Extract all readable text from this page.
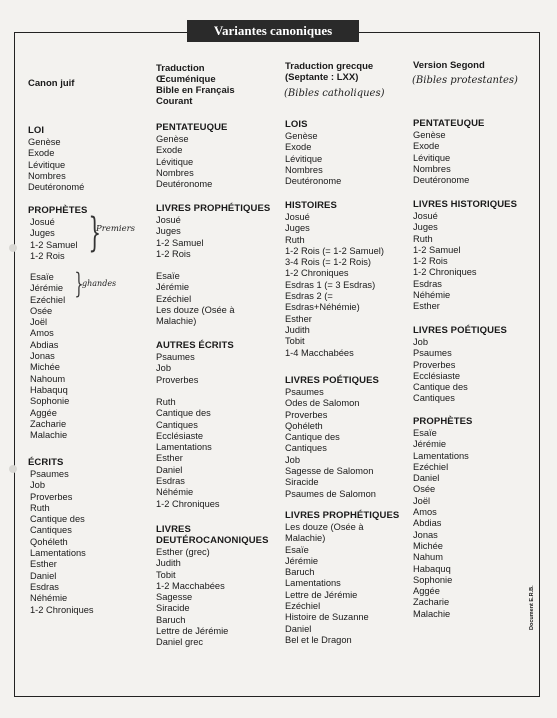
Variantes canoniques
Canon juif
LOI
Genèse
Exode
Lévitique
Nombres
Deutéronomé
PROPHÈTES
Josué
Juges
1-2 Samuel
1-2 Rois }
Premiers
Esaïe
Jérémie
Ezéchiel
Osée
Joël
Amos
Abdias
Jonas
Michée
Nahoum
Habaquq
Sophonie
Aggée
Zacharie
Malachie
}
ghandes
ÉCRITS
Psaumes
Job
Proverbes
Ruth
Cantique des
Cantiques
Qohéleth
Lamentations
Esther
Daniel
Esdras
Néhémie
1-2 Chroniques
Traduction
Œcuménique
Bible en Français
Courant
PENTATEUQUE
Genèse
Exode
Lévitique
Nombres
Deutéronome
LIVRES PROPHÉTIQUES
Josué
Juges
1-2 Samuel
1-2 Rois
Esaïe
Jérémie
Ezéchiel
Les douze (Osée à
Malachie)
AUTRES ÉCRITS
Psaumes
Job
Proverbes
Ruth
Cantique des
Cantiques
Ecclésiaste
Lamentations
Esther
Daniel
Esdras
Néhémie
1-2 Chroniques
LIVRES DEUTÉROCANONIQUES
Esther (grec)
Judith
Tobit
1-2 Macchabées
Sagesse
Siracide
Baruch
Lettre de Jérémie
Daniel grec
Traduction grecque
(Septante : LXX)
(Bibles catholiques)
LOIS
Genèse
Exode
Lévitique
Nombres
Deutéronome
HISTOIRES
Josué
Juges
Ruth
1-2 Rois (= 1-2 Samuel)
3-4 Rois (= 1-2 Rois)
1-2 Chroniques
Esdras 1 (= 3 Esdras)
Esdras 2 (=
Esdras+Néhémie)
Esther
Judith
Tobit
1-4 Macchabées
LIVRES POÉTIQUES
Psaumes
Odes de Salomon
Proverbes
Qohéleth
Cantique des
Cantiques
Job
Sagesse de Salomon
Siracide
Psaumes de Salomon
LIVRES PROPHÉTIQUES
Les douze (Osée à
Malachie)
Esaïe
Jérémie
Baruch
Lamentations
Lettre de Jérémie
Ezéchiel
Histoire de Suzanne
Daniel
Bel et le Dragon
Version Segond
(Bibles protestantes)
PENTATEUQUE
Genèse
Exode
Lévitique
Nombres
Deutéronome
LIVRES HISTORIQUES
Josué
Juges
Ruth
1-2 Samuel
1-2 Rois
1-2 Chroniques
Esdras
Néhémie
Esther
LIVRES POÉTIQUES
Job
Psaumes
Proverbes
Ecclésiaste
Cantique des
Cantiques
PROPHÈTES
Esaïe
Jérémie
Lamentations
Ezéchiel
Daniel
Osée
Joël
Amos
Abdias
Jonas
Michée
Nahum
Habaquq
Sophonie
Aggée
Zacharie
Malachie	Document E.R.B.
